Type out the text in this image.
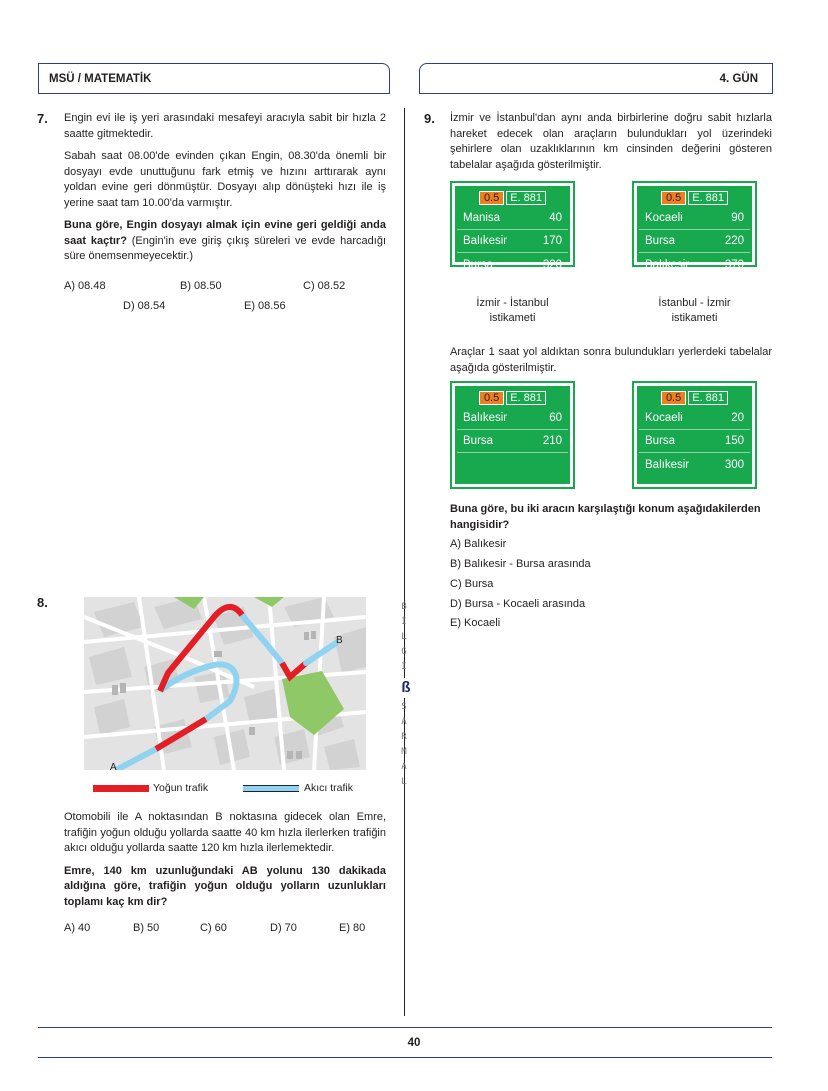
MSÜ / MATEMATİK	4. GÜN
7. Engin evi ile iş yeri arasındaki mesafeyi aracıyla sabit bir hızla 2 saatte gitmektedir.

Sabah saat 08.00'de evinden çıkan Engin, 08.30'da önemli bir dosyayı evde unuttuğunu fark etmiş ve hızını arttırarak aynı yoldan evine geri dönmüştür. Dosyayı alıp dönüşteki hızı ile iş yerine saat tam 10.00'da varmıştır.

Buna göre, Engin dosyayı almak için evine geri geldiği anda saat kaçtır? (Engin'in eve giriş çıkış süreleri ve evde harcadığı süre önemsenmeyecektir.)

A) 08.48	B) 08.50	C) 08.52
D) 08.54	E) 08.56
8.
A
B
Yoğun trafik	Akıcı trafik

Otomobili ile A noktasından B noktasına gidecek olan Emre, trafiğin yoğun olduğu yollarda saatte 40 km hızla ilerlerken trafiğin akıcı olduğu yollarda saatte 120 km hızla ilerlemektedir.

Emre, 140 km uzunluğundaki AB yolunu 130 dakikada aldığına göre, trafiğin yoğun olduğu yolların uzunlukları toplamı kaç km dir?

A) 40	B) 50	C) 60	D) 70	E) 80
B
İ
L
G
İ
ß
S
A
R
M
A
L
9. İzmir ve İstanbul'dan aynı anda birbirlerine doğru sabit hızlarla hareket edecek olan araçların bulundukları yol üzerindeki şehirlere olan uzaklıklarının km cinsinden değerini gösteren tabelalar aşağıda gösterilmiştir.
0.5	E. 881
Manisa	40
Balıkesir	170
Bursa	320
0.5	E. 881
Kocaeli	90
Bursa	220
Balıkesir	370
İzmir - İstanbul istikameti
İstanbul - İzmir istikameti
Araçlar 1 saat yol aldıktan sonra bulundukları yerlerdeki tabelalar aşağıda gösterilmiştir.
0.5	E. 881
Balıkesir	60
Bursa	210
0.5	E. 881
Kocaeli	20
Bursa	150
Balıkesir	300
Buna göre, bu iki aracın karşılaştığı konum aşağıdakilerden hangisidir?
A) Balıkesir
B) Balıkesir - Bursa arasında
C) Bursa
D) Bursa - Kocaeli arasında
E) Kocaeli
40
